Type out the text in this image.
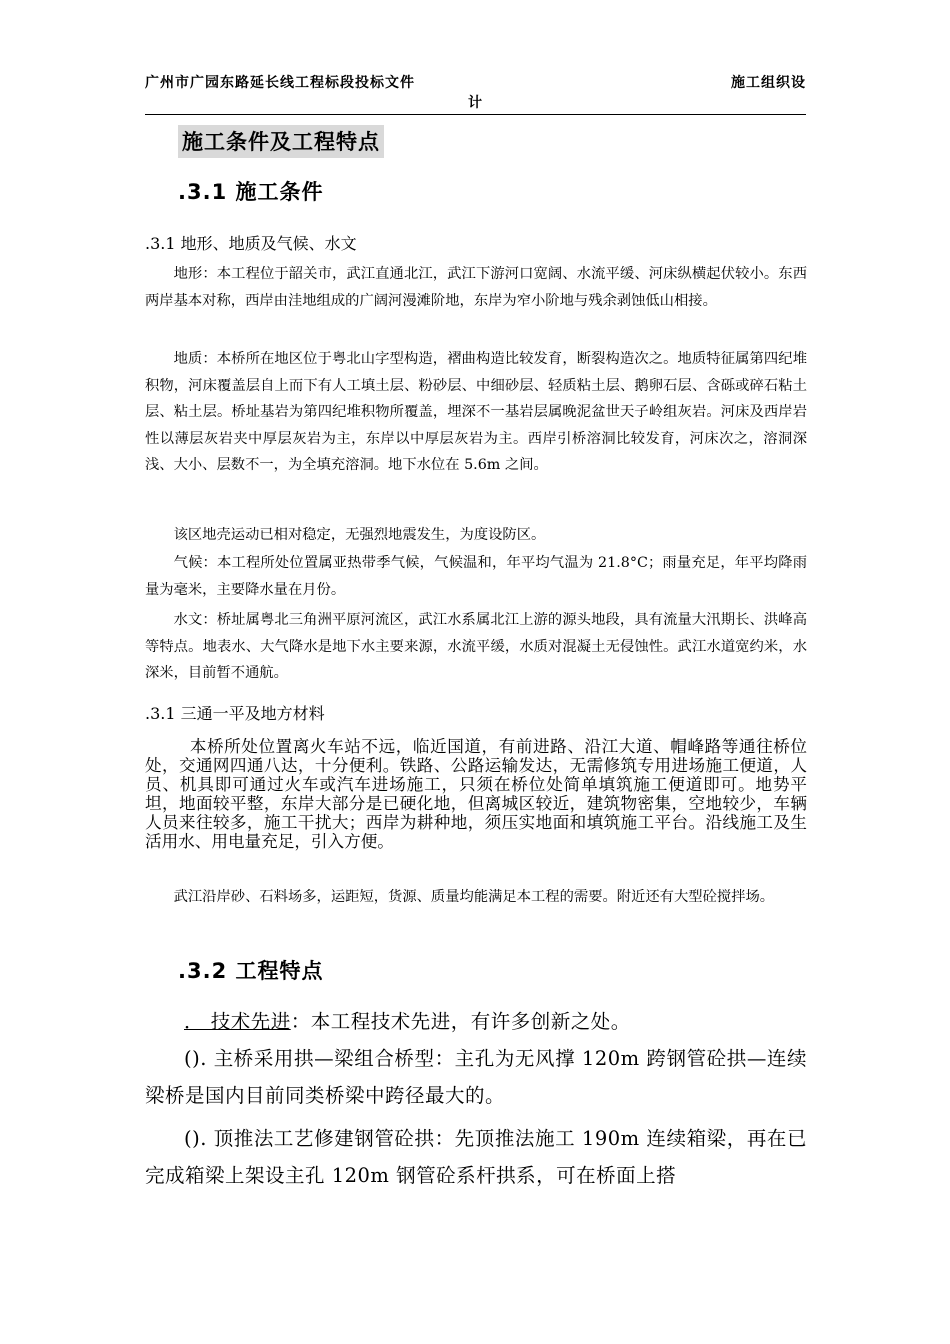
广州市广园东路延长线工程标段投标文件	施工组织设
计
施工条件及工程特点
.3.1 施工条件
.3.1 地形、地质及气候、水文
地形：本工程位于韶关市，武江直通北江，武江下游河口宽阔、水流平缓、河床纵横起伏较小。东西两岸基本对称，西岸由洼地组成的广阔河漫滩阶地，东岸为窄小阶地与残余剥蚀低山相接。
地质：本桥所在地区位于粤北山字型构造，褶曲构造比较发育，断裂构造次之。地质特征属第四纪堆积物，河床覆盖层自上而下有人工填土层、粉砂层、中细砂层、轻质粘土层、鹅卵石层、含砾或碎石粘土层、粘土层。桥址基岩为第四纪堆积物所覆盖，埋深不一基岩层属晚泥盆世天子岭组灰岩。河床及西岸岩性以薄层灰岩夹中厚层灰岩为主，东岸以中厚层灰岩为主。西岸引桥溶洞比较发育，河床次之，溶洞深浅、大小、层数不一，为全填充溶洞。地下水位在 5.6m 之间。
该区地壳运动已相对稳定，无强烈地震发生，为度设防区。
气候：本工程所处位置属亚热带季气候，气候温和，年平均气温为 21.8°C；雨量充足，年平均降雨量为毫米，主要降水量在月份。
水文：桥址属粤北三角洲平原河流区，武江水系属北江上游的源头地段，具有流量大汛期长、洪峰高等特点。地表水、大气降水是地下水主要来源，水流平缓，水质对混凝土无侵蚀性。武江水道宽约米，水深米，目前暂不通航。
.3.1 三通一平及地方材料
本桥所处位置离火车站不远，临近国道，有前进路、沿江大道、帽峰路等通往桥位处，交通网四通八达，十分便利。铁路、公路运输发达，无需修筑专用进场施工便道，人员、机具即可通过火车或汽车进场施工，只须在桥位处简单填筑施工便道即可。地势平坦，地面较平整，东岸大部分是已硬化地，但离城区较近，建筑物密集，空地较少，车辆人员来往较多，施工干扰大；西岸为耕种地，须压实地面和填筑施工平台。沿线施工及生活用水、用电量充足，引入方便。
武江沿岸砂、石料场多，运距短，货源、质量均能满足本工程的需要。附近还有大型砼搅拌场。
.3.2 工程特点
． 技术先进：本工程技术先进，有许多创新之处。
(). 主桥采用拱—梁组合桥型：主孔为无风撑 120m 跨钢管砼拱—连续梁桥是国内目前同类桥梁中跨径最大的。
(). 顶推法工艺修建钢管砼拱：先顶推法施工 190m 连续箱梁，再在已完成箱梁上架设主孔 120m 钢管砼系杆拱系，可在桥面上搭
